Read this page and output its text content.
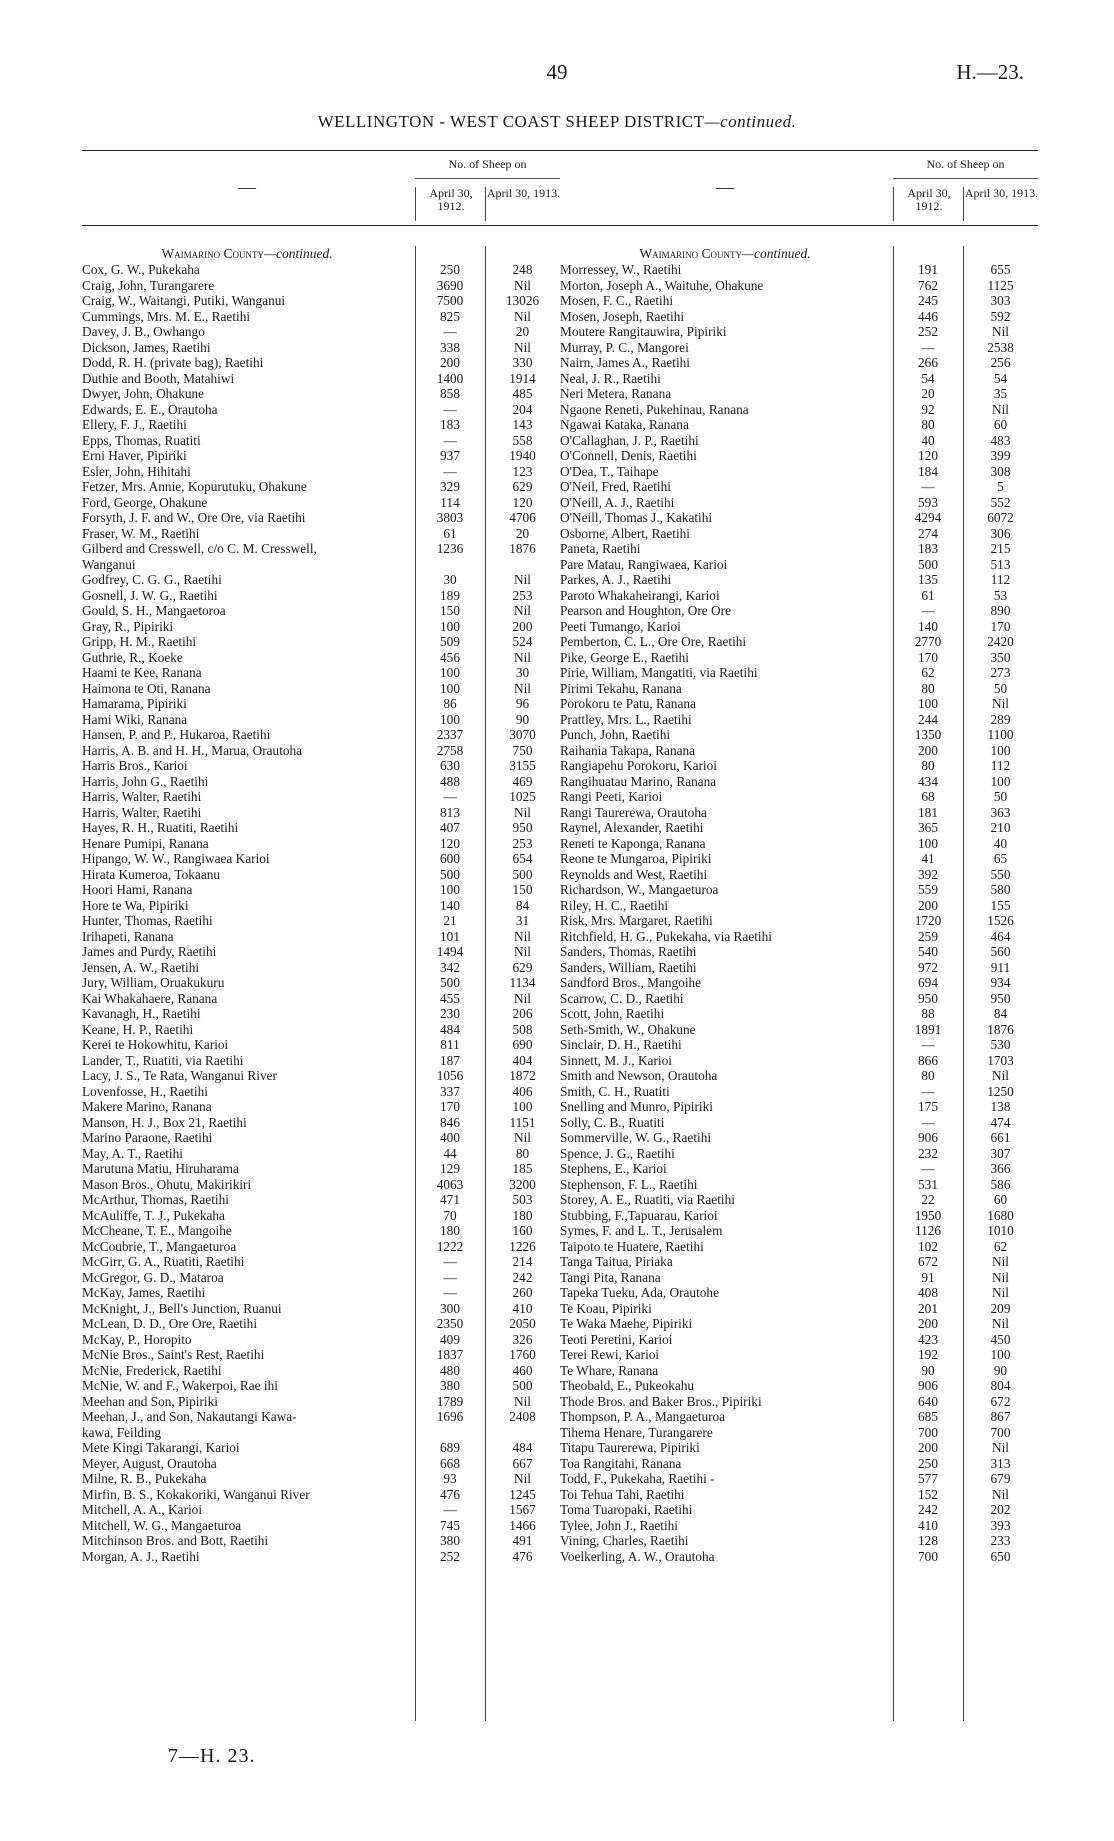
49	H.—23.
WELLINGTON - WEST COAST SHEEP DISTRICT—continued.
—
No. of Sheep on
April 30, 1912.
April 30, 1913.
Waimarino County—continued.
Cox, G. W., Pukekaha	250	248
Craig, John, Turangarere	3690	Nil
Craig, W., Waitangi, Putiki, Wanganui	7500	13026
Cummings, Mrs. M. E., Raetihi	825	Nil
Davey, J. B., Owhango	—	20
Dickson, James, Raetihi	338	Nil
Dodd, R. H. (private bag), Raetihi	200	330
Duthie and Booth, Matahiwi	1400	1914
Dwyer, John, Ohakune	858	485
Edwards, E. E., Orautoha	—	204
Ellery, F. J., Raetihi	183	143
Epps, Thomas, Ruatiti	—	558
Erni Haver, Pipiriki	937	1940
Esler, John, Hihitahi	—	123
Fetzer, Mrs. Annie, Kopurutuku, Ohakune	329	629
Ford, George, Ohakune	114	120
Forsyth, J. F. and W., Ore Ore, via Raetihi	3803	4706
Fraser, W. M., Raetihi	61	20
Gilberd and Cresswell, c/o C. M. Cresswell,	1236	1876
Wanganui
Godfrey, C. G. G., Raetihi	30	Nil
Gosnell, J. W. G., Raetihi	189	253
Gould, S. H., Mangaetoroa	150	Nil
Gray, R., Pipiriki	100	200
Gripp, H. M., Raetihi	509	524
Guthrie, R., Koeke	456	Nil
Haami te Kee, Ranana	100	30
Haimona te Oti, Ranana	100	Nil
Hamarama, Pipiriki	86	96
Hami Wiki, Ranana	100	90
Hansen, P. and P., Hukaroa, Raetihi	2337	3070
Harris, A. B. and H. H., Marua, Orautoha	2758	750
Harris Bros., Karioi	630	3155
Harris, John G., Raetihi	488	469
Harris, Walter, Raetihi	—	1025
Harris, Walter, Raetihi	813	Nil
Hayes, R. H., Ruatiti, Raetihi	407	950
Henare Pumipi, Ranana	120	253
Hipango, W. W., Rangiwaea Karioi	600	654
Hirata Kumeroa, Tokaanu	500	500
Hoori Hami, Ranana	100	150
Hore te Wa, Pipiriki	140	84
Hunter, Thomas, Raetihi	21	31
Irihapeti, Ranana	101	Nil
James and Purdy, Raetihi	1494	Nil
Jensen, A. W., Raetihi	342	629
Jury, William, Oruakukuru	500	1134
Kai Whakahaere, Ranana	455	Nil
Kavanagh, H., Raetihi	230	206
Keane, H. P., Raetihi	484	508
Kerei te Hokowhitu, Karioi	811	690
Lander, T., Ruatiti, via Raetihi	187	404
Lacy, J. S., Te Rata, Wanganui River	1056	1872
Lovenfosse, H., Raetihi	337	406
Makere Marino, Ranana	170	100
Manson, H. J., Box 21, Raetihi	846	1151
Marino Paraone, Raetihi	400	Nil
May, A. T., Raetihi	44	80
Marutuna Matiu, Hiruharama	129	185
Mason Bros., Ohutu, Makirikiri	4063	3200
McArthur, Thomas, Raetihi	471	503
McAuliffe, T. J., Pukekaha	70	180
McCheane, T. E., Mangoihe	180	160
McCoubrie, T., Mangaeturoa	1222	1226
McGirr, G. A., Ruatiti, Raetihi	—	214
McGregor, G. D., Mataroa	—	242
McKay, James, Raetihi	—	260
McKnight, J., Bell's Junction, Ruanui	300	410
McLean, D. D., Ore Ore, Raetihi	2350	2050
McKay, P., Horopito	409	326
McNie Bros., Saint's Rest, Raetihi	1837	1760
McNie, Frederick, Raetihi	480	460
McNie, W. and F., Wakerpoi, Rae ihi	380	500
Meehan and Son, Pipiriki	1789	Nil
Meehan, J., and Son, Nakautangi Kawa-	1696	2408
kawa, Feilding
Mete Kingi Takarangi, Karioi	689	484
Meyer, August, Orautoha	668	667
Milne, R. B., Pukekaha	93	Nil
Mirfin, B. S., Kokakoriki, Wanganui River	476	1245
Mitchell, A. A., Karioi	—	1567
Mitchell, W. G., Mangaeturoa	745	1466
Mitchinson Bros. and Bott, Raetihi	380	491
Morgan, A. J., Raetihi	252	476
—
No. of Sheep on
April 30, 1912.
April 30, 1913.
Waimarino County—continued.
Morressey, W., Raetihi	191	655
Morton, Joseph A., Waituhe, Ohakune	762	1125
Mosen, F. C., Raetihi	245	303
Mosen, Joseph, Raetihi	446	592
Moutere Rangitauwira, Pipiriki	252	Nil
Murray, P. C., Mangorei	—	2538
Nairn, James A., Raetihi	266	256
Neal, J. R., Raetihi	54	54
Neri Metera, Ranana	20	35
Ngaone Reneti, Pukehinau, Ranana	92	Nil
Ngawai Kataka, Ranana	80	60
O'Callaghan, J. P., Raetihi	40	483
O'Connell, Denis, Raetihi	120	399
O'Dea, T., Taihape	184	308
O'Neil, Fred, Raetihi	—	5
O'Neill, A. J., Raetihi	593	552
O'Neill, Thomas J., Kakatihi	4294	6072
Osborne, Albert, Raetihi	274	306
Paneta, Raetihi	183	215
Pare Matau, Rangiwaea, Karioi	500	513
Parkes, A. J., Raetihi	135	112
Paroto Whakaheirangi, Karioi	61	53
Pearson and Houghton, Ore Ore	—	890
Peeti Tumango, Karioi	140	170
Pemberton, C. L., Ore Ore, Raetihi	2770	2420
Pike, George E., Raetihi	170	350
Pirie, William, Mangatiti, via Raetihi	62	273
Pirimi Tekahu, Ranana	80	50
Porokoru te Patu, Ranana	100	Nil
Prattley, Mrs. L., Raetihi	244	289
Punch, John, Raetihi	1350	1100
Raihania Takapa, Ranana	200	100
Rangiapehu Porokoru, Karioi	80	112
Rangihuatau Marino, Ranana	434	100
Rangi Peeti, Karioi	68	50
Rangi Taurerewa, Orautoha	181	363
Raynel, Alexander, Raetihi	365	210
Reneti te Kaponga, Ranana	100	40
Reone te Mungaroa, Pipiriki	41	65
Reynolds and West, Raetihi	392	550
Richardson, W., Mangaeturoa	559	580
Riley, H. C., Raetihi	200	155
Risk, Mrs. Margaret, Raetihi	1720	1526
Ritchfield, H. G., Pukekaha, via Raetihi	259	464
Sanders, Thomas, Raetihi	540	560
Sanders, William, Raetihi	972	911
Sandford Bros., Mangoihe	694	934
Scarrow, C. D., Raetihi	950	950
Scott, John, Raetihi	88	84
Seth-Smith, W., Ohakune	1891	1876
Sinclair, D. H., Raetihi	—	530
Sinnett, M. J., Karioi	866	1703
Smith and Newson, Orautoha	80	Nil
Smith, C. H., Ruatiti	—	1250
Snelling and Munro, Pipiriki	175	138
Solly, C. B., Ruatiti	—	474
Sommerville, W. G., Raetihi	906	661
Spence, J. G., Raetihi	232	307
Stephens, E., Karioi	—	366
Stephenson, F. L., Raetihi	531	586
Storey, A. E., Ruatiti, via Raetihi	22	60
Stubbing, F.,Tapuarau, Karioi	1950	1680
Symes, F. and L. T., Jerusalem	1126	1010
Taipoto te Huatere, Raetihi	102	62
Tanga Taitua, Piriaka	672	Nil
Tangi Pita, Ranana	91	Nil
Tapeka Tueku, Ada, Orautohe	408	Nil
Te Koau, Pipiriki	201	209
Te Waka Maehe, Pipiriki	200	Nil
Teoti Peretini, Karioi	423	450
Terei Rewi, Karioi	192	100
Te Whare, Ranana	90	90
Theobald, E., Pukeokahu	906	804
Thode Bros. and Baker Bros., Pipiriki	640	672
Thompson, P. A., Mangaeturoa	685	867
Tihema Henare, Turangarere	700	700
Titapu Taurerewa, Pipiriki	200	Nil
Toa Rangitahi, Ranana	250	313
Todd, F., Pukekaha, Raetihi -	577	679
Toi Tehua Tahi, Raetihi	152	Nil
Toma Tuaropaki, Raetihi	242	202
Tylee, John J., Raetihi	410	393
Vining, Charles, Raetihi	128	233
Voelkerling, A. W., Orautoha	700	650
7—H. 23.
